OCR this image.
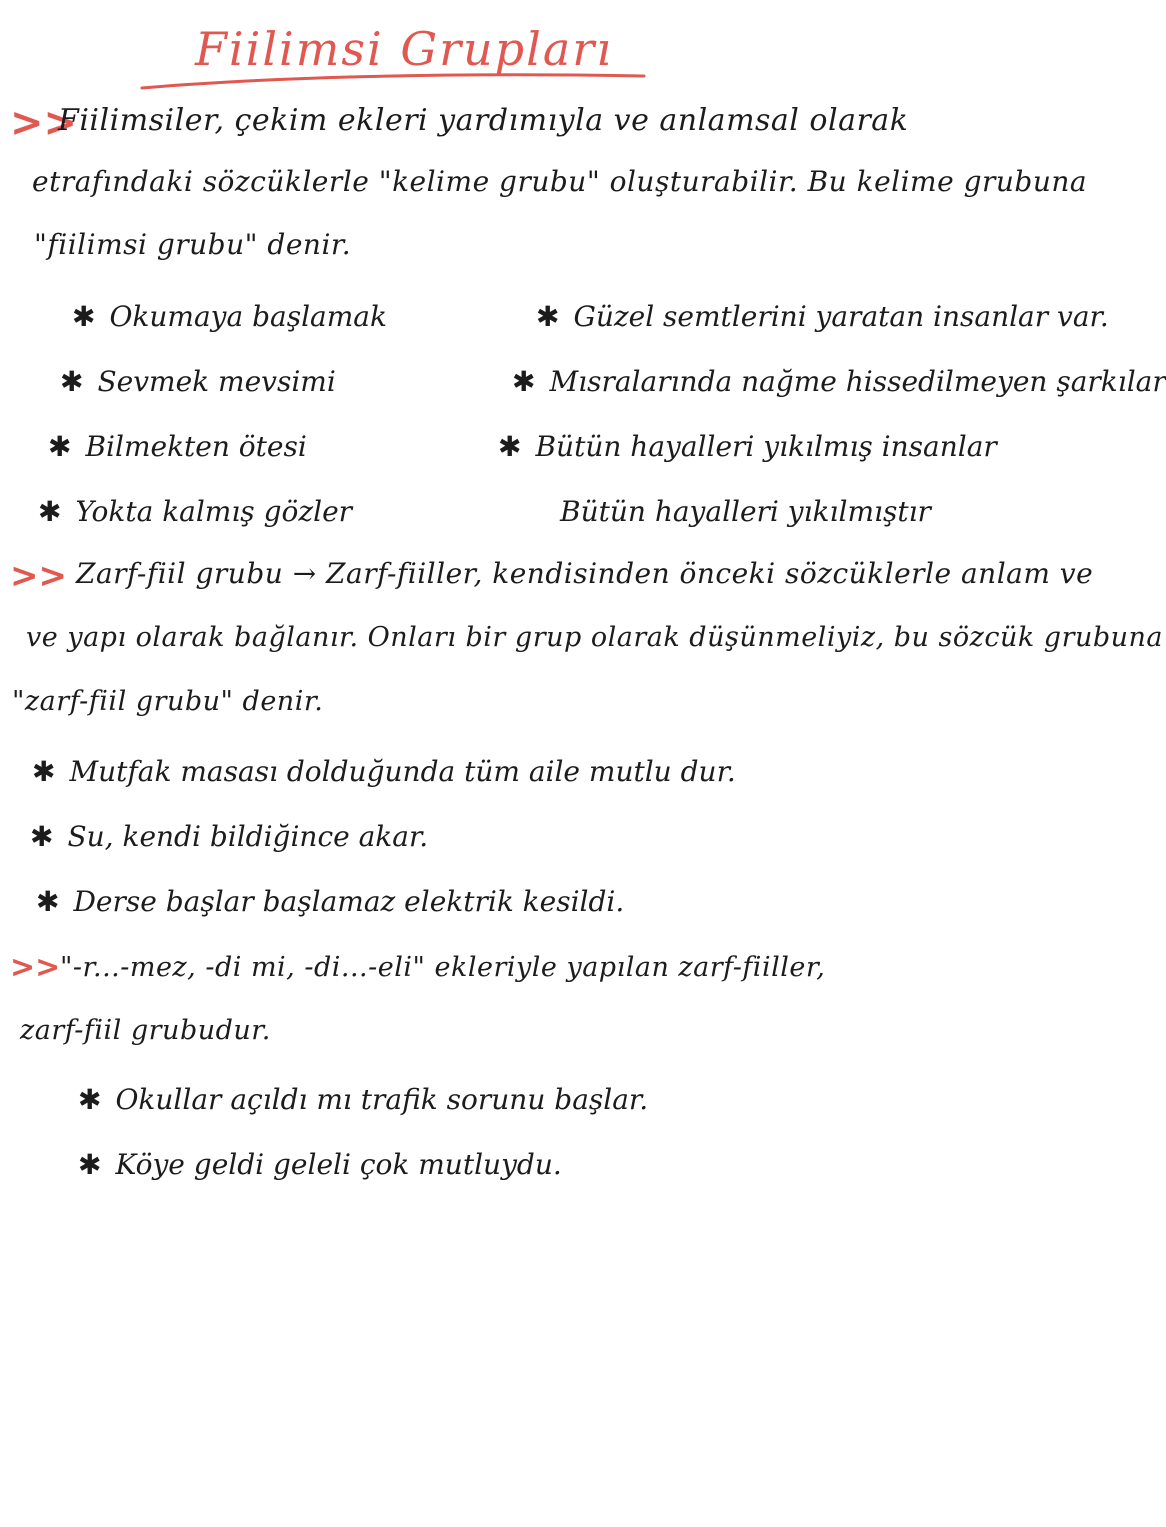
Fiilimsi Grupları
>>
Fiilimsiler, çekim ekleri yardımıyla ve anlamsal olarak
etrafındaki sözcüklerle "kelime grubu" oluşturabilir. Bu kelime grubuna
"fiilimsi grubu" denir.
✱ Okumaya başlamak
✱ Sevmek mevsimi
✱ Bilmekten ötesi
✱ Yokta kalmış gözler
✱ Güzel semtlerini yaratan insanlar var.
✱ Mısralarında nağme hissedilmeyen şarkılar
✱ Bütün hayalleri yıkılmış insanlar
Bütün hayalleri yıkılmıştır
>> Zarf-fiil grubu → Zarf-fiiller, kendisinden önceki sözcüklerle anlam ve
ve yapı olarak bağlanır. Onları bir grup olarak düşünmeliyiz, bu sözcük grubuna
"zarf-fiil grubu" denir.
✱ Mutfak masası dolduğunda tüm aile mutlu dur.
✱ Su, kendi bildiğince akar.
✱ Derse başlar başlamaz elektrik kesildi.
>> "-r...-mez, -di mi, -di...-eli" ekleriyle yapılan zarf-fiiller,
zarf-fiil grubudur.
✱ Okullar açıldı mı trafik sorunu başlar.
✱ Köye geldi geleli çok mutluydu.
